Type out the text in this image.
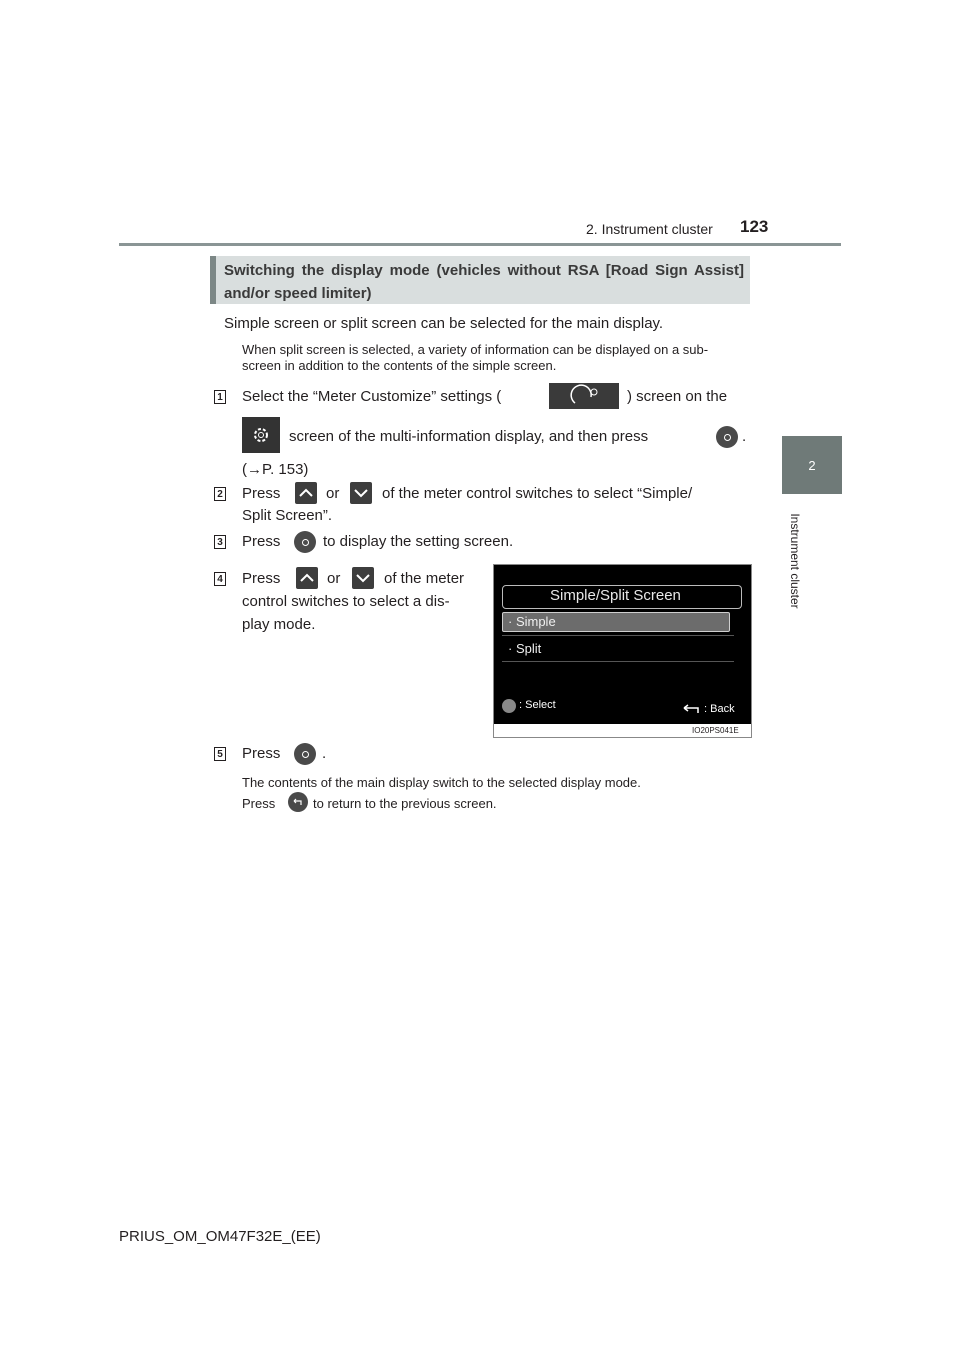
2. Instrument cluster 123
2
Instrument cluster
Switching the display mode (vehicles without RSA [Road Sign Assist] and/or speed limiter)
Simple screen or split screen can be selected for the main display.
When split screen is selected, a variety of information can be displayed on a sub-screen in addition to the contents of the simple screen.
1 Select the “Meter Customize” settings (	) screen on the
screen of the multi-information display, and then press	.
(→P. 153)
2 Press	or	of the meter control switches to select “Simple/
Split Screen”.
3 Press	to display the setting screen.
4 Press	or	of the meter
control switches to select a dis-
play mode.
Simple/Split Screen
· Simple
· Split
: Select	: Back
IO20PS041E
5 Press	.
The contents of the main display switch to the selected display mode.
Press	to return to the previous screen.
PRIUS_OM_OM47F32E_(EE)
